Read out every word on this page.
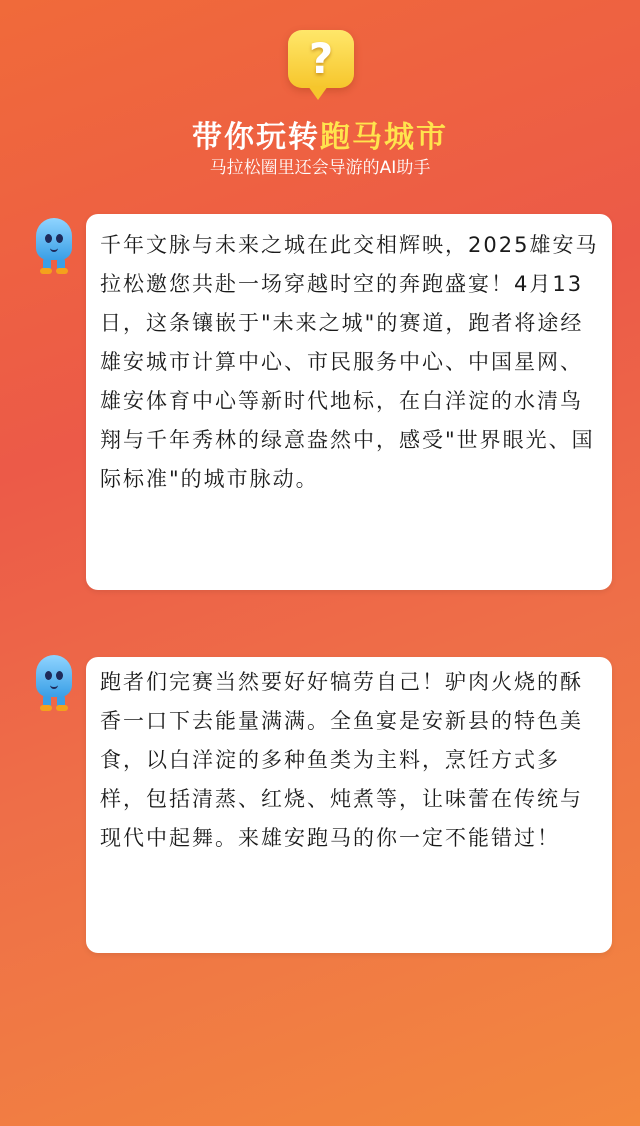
?
带你玩转跑马城市
马拉松圈里还会导游的AI助手

千年文脉与未来之城在此交相辉映，2025雄安马拉松邀您共赴一场穿越时空的奔跑盛宴！4月13日，这条镶嵌于"未来之城"的赛道，跑者将途经雄安城市计算中心、市民服务中心、中国星网、雄安体育中心等新时代地标，在白洋淀的水清鸟翔与千年秀林的绿意盎然中，感受"世界眼光、国际标准"的城市脉动。

跑者们完赛当然要好好犒劳自己！驴肉火烧的酥香一口下去能量满满。全鱼宴是安新县的特色美食，以白洋淀的多种鱼类为主料，烹饪方式多样，包括清蒸、红烧、炖煮等，让味蕾在传统与现代中起舞。来雄安跑马的你一定不能错过！
